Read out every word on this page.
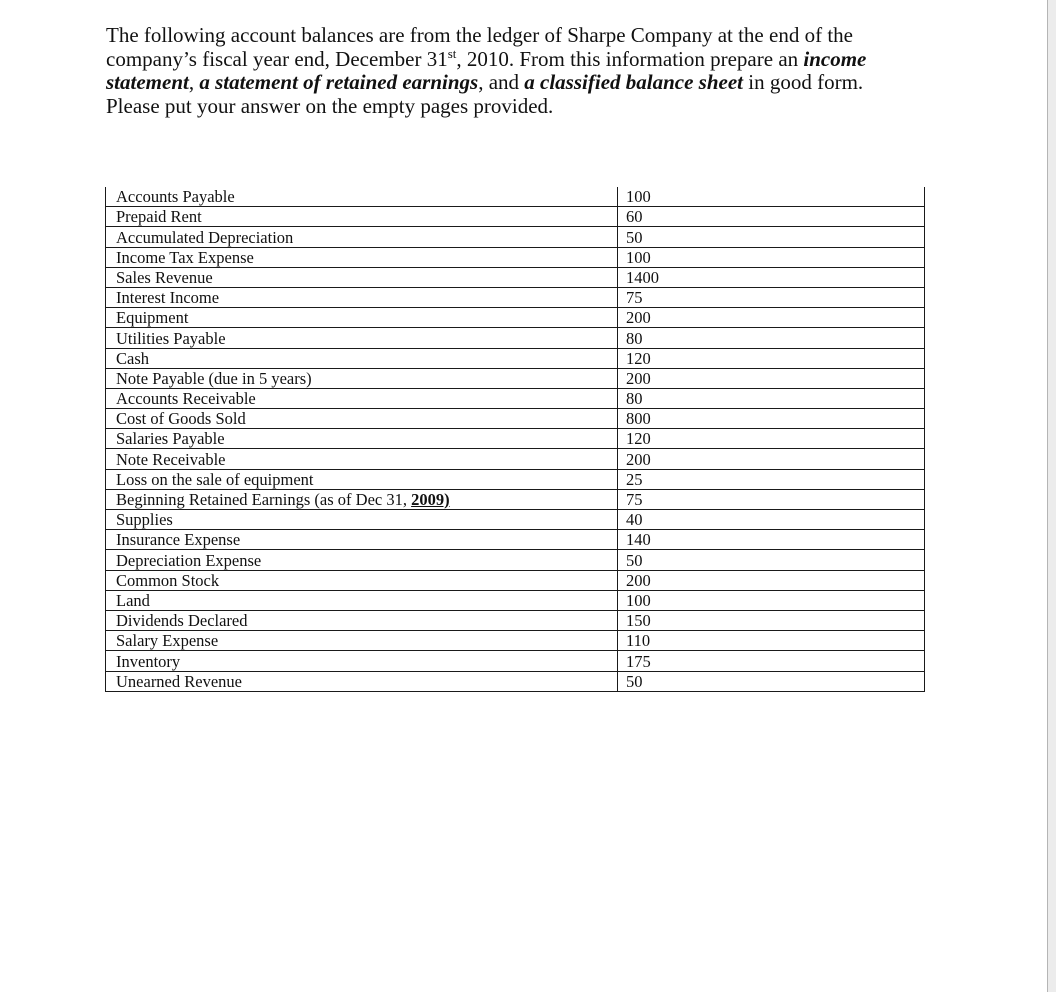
The following account balances are from the ledger of Sharpe Company at the end of the company’s fiscal year end, December 31st, 2010. From this information prepare an income statement, a statement of retained earnings, and a classified balance sheet in good form. Please put your answer on the empty pages provided.

Accounts Payable	100
Prepaid Rent	60
Accumulated Depreciation	50
Income Tax Expense	100
Sales Revenue	1400
Interest Income	75
Equipment	200
Utilities Payable	80
Cash	120
Note Payable (due in 5 years)	200
Accounts Receivable	80
Cost of Goods Sold	800
Salaries Payable	120
Note Receivable	200
Loss on the sale of equipment	25
Beginning Retained Earnings (as of Dec 31, 2009)	75
Supplies	40
Insurance Expense	140
Depreciation Expense	50
Common Stock	200
Land	100
Dividends Declared	150
Salary Expense	110
Inventory	175
Unearned Revenue	50
